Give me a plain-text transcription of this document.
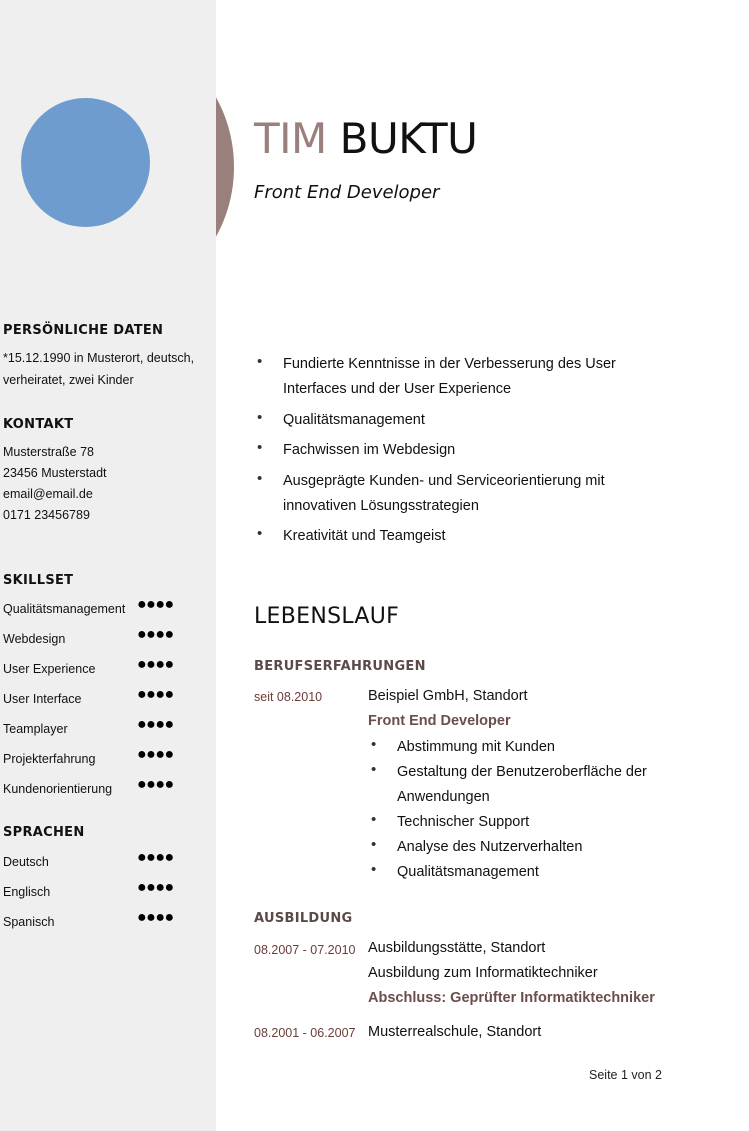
PERSÖNLICHE DATEN
*15.12.1990 in Musterort, deutsch,
verheiratet, zwei Kinder
KONTAKT
Musterstraße 78
23456 Musterstadt
email@email.de
0171 23456789
SKILLSET
Qualitätsmanagement ●●●●
Webdesign	●●●●
User Experience	●●●●
User Interface	●●●●
Teamplayer	●●●●
Projekterfahrung	●●●●
Kundenorientierung ●●●●
SPRACHEN
Deutsch	●●●●
Englisch	●●●●
Spanisch	●●●●
TIM BUKTU
Front End Developer
• Fundierte Kenntnisse in der Verbesserung des User Interfaces und der User Experience
• Qualitätsmanagement
• Fachwissen im Webdesign
• Ausgeprägte Kunden- und Serviceorientierung mit innovativen Lösungsstrategien
• Kreativität und Teamgeist
LEBENSLAUF
BERUFSERFAHRUNGEN
seit 08.2010	Beispiel GmbH, Standort
Front End Developer
• Abstimmung mit Kunden
• Gestaltung der Benutzeroberfläche der Anwendungen
• Technischer Support
• Analyse des Nutzerverhalten
• Qualitätsmanagement
AUSBILDUNG
08.2007 - 07.2010 Ausbildungsstätte, Standort
Ausbildung zum Informatiktechniker
Abschluss: Geprüfter Informatiktechniker
08.2001 - 06.2007 Musterrealschule, Standort
Seite 1 von 2
